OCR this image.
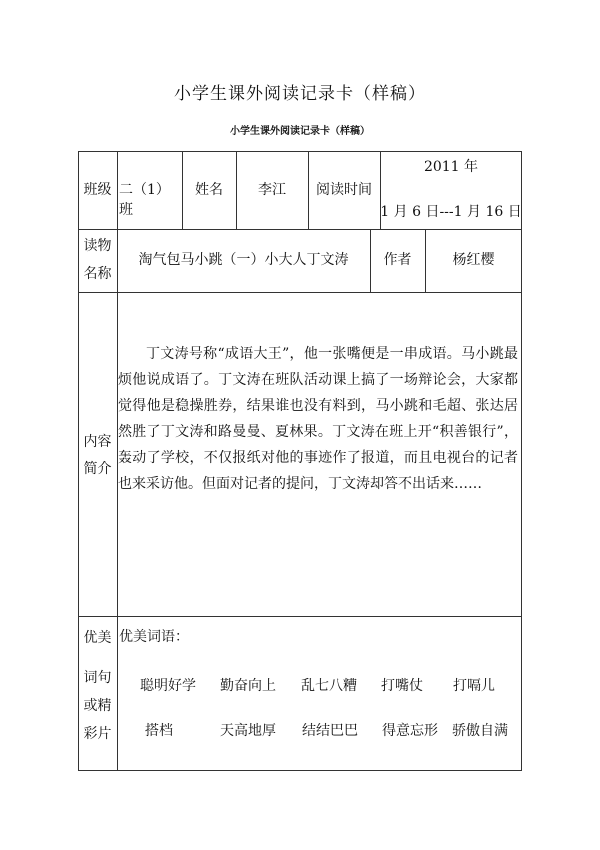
小学生课外阅读记录卡（样稿）
小学生课外阅读记录卡（样稿）
班级 二（1）班
姓名	李江	阅读时间
2011 年
1 月 6 日---1 月 16 日
读物
名称
淘气包马小跳（一）小大人丁文涛	作者	杨红樱
内容
简介
丁文涛号称“成语大王”，他一张嘴便是一串成语。马小跳最烦他说成语了。丁文涛在班队活动课上搞了一场辩论会，大家都觉得他是稳操胜券，结果谁也没有料到，马小跳和毛超、张达居然胜了丁文涛和路曼曼、夏林果。丁文涛在班上开“积善银行”，轰动了学校，不仅报纸对他的事迹作了报道，而且电视台的记者也来采访他。但面对记者的提问，丁文涛却答不出话来……
优美
词句
或精
彩片
优美词语：
聪明好学	勤奋向上	乱七八糟	打嘴仗	打嗝儿
搭档	天高地厚	结结巴巴	得意忘形	骄傲自满
